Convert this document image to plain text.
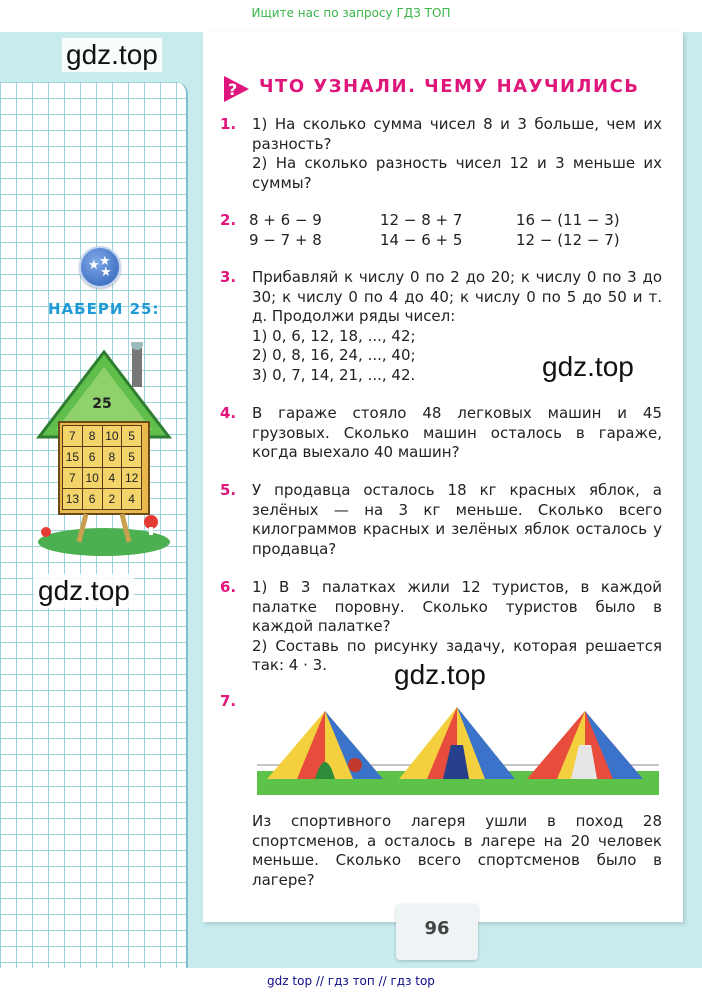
Ищите нас по запросу ГДЗ ТОП
gdz.top
★ ★
★
НАБЕРИ 25:
25
7	8	10	5
15	6	8	5
7	10	4	12
13	6	2	4
gdz.top
? ЧТО УЗНАЛИ. ЧЕМУ НАУЧИЛИСЬ
1. 1) На сколько сумма чисел 8 и 3 больше, чем их разность?

2) На сколько разность чисел 12 и 3 меньше их суммы?

2. 8 + 6 − 9	12 − 8 + 7	16 − (11 − 3)
9 − 7 + 8	14 − 6 + 5	12 − (12 − 7)
3. Прибавляй к числу 0 по 2 до 20; к числу 0 по 3 до 30; к числу 0 по 4 до 40; к числу 0 по 5 до 50 и т. д. Продолжи ряды чисел:

1) 0, 6, 12, 18, ..., 42;

2) 0, 8, 16, 24, ..., 40;

3) 0, 7, 14, 21, ..., 42.	gdz.top
4. В гараже стояло 48 легковых машин и 45 грузовых. Сколько машин осталось в гараже, когда выехало 40 машин?

5. У продавца осталось 18 кг красных яблок, а зелёных — на 3 кг меньше. Сколько всего килограммов красных и зелёных яблок осталось у продавца?

6. 1) В 3 палатках жили 12 туристов, в каждой палатке поровну. Сколько туристов было в каждой палатке?

2) Составь по рисунку задачу, которая решается так: 4 · 3.	gdz.top
7.

Из спортивного лагеря ушли в поход 28 спортсменов, а осталось в лагере на 20 человек меньше. Сколько всего спортсменов было в лагере?

96
gdz top // гдз топ // гдз top
